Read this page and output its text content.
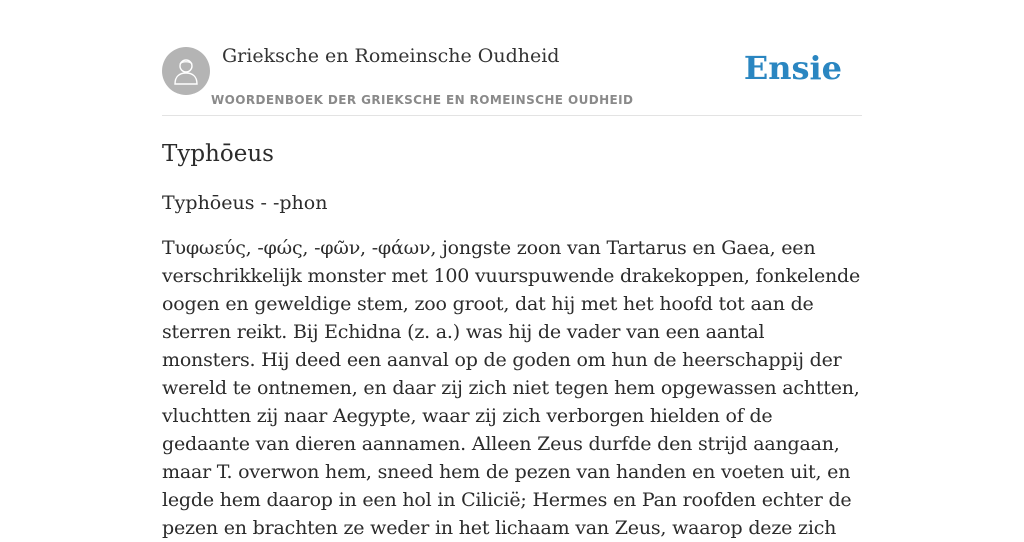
Grieksche en Romeinsche Oudheid
WOORDENBOEK DER GRIEKSCHE EN ROMEINSCHE OUDHEID
Ensie
Typhōeus

Typhōeus - -phon

Τυφωεύς, -φώς, -φῶν, -φάων, jongste zoon van Tartarus en Gaea, een verschrikkelijk monster met 100 vuurspuwende drakekoppen, fonkelende oogen en geweldige stem, zoo groot, dat hij met het hoofd tot aan de sterren reikt. Bij Echidna (z. a.) was hij de vader van een aantal monsters. Hij deed een aanval op de goden om hun de heerschappij der wereld te ontnemen, en daar zij zich niet tegen hem opgewassen achtten, vluchtten zij naar Aegypte, waar zij zich verborgen hielden of de gedaante van dieren aannamen. Alleen Zeus durfde den strijd aangaan, maar T. overwon hem, sneed hem de pezen van handen en voeten uit, en legde hem daarop in een hol in Cilicië; Hermes en Pan roofden echter de pezen en brachten ze weder in het lichaam van Zeus, waarop deze zich
